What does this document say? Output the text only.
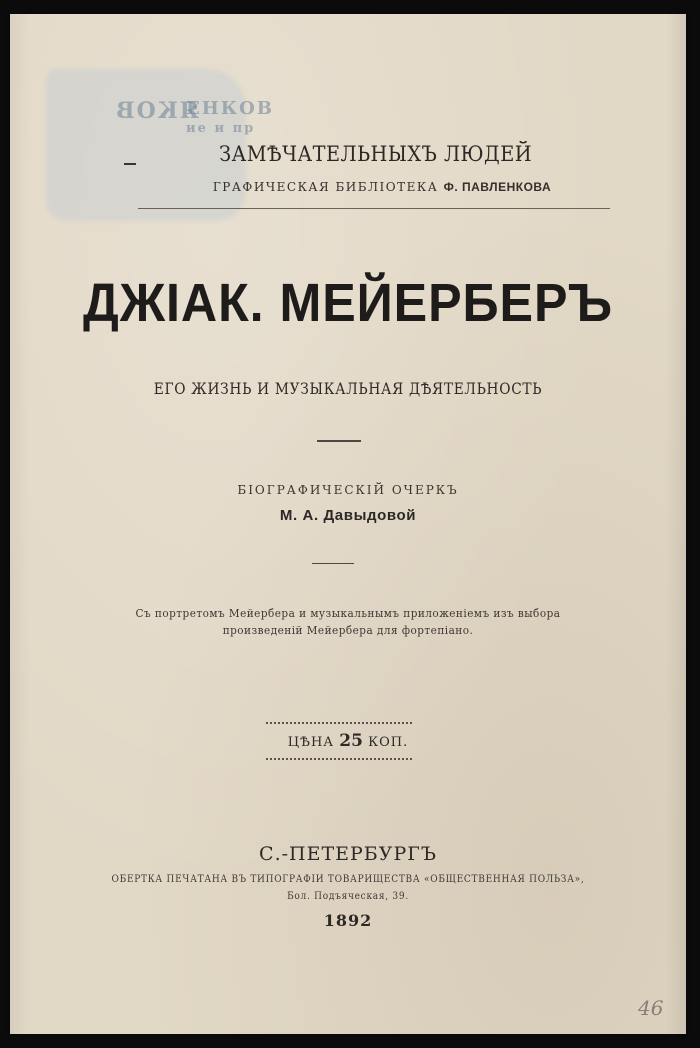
ЯКОВ
ЕНКОВ
ие и пр
ЗАМѢЧАТЕЛЬНЫХЪ ЛЮДЕЙ
ГРАФИЧЕСКАЯ БИБЛIОТЕКА Ф. ПАВЛЕНКОВА
ДЖIАК. МЕЙЕРБЕРЪ
ЕГО ЖИЗНЬ И МУЗЫКАЛЬНАЯ ДѢЯТЕЛЬНОСТЬ
БIОГРАФИЧЕСКIЙ ОЧЕРКЪ
М. А. Давыдовой
Съ портретомъ Мейербера и музыкальнымъ приложенiемъ изъ выбора
произведенiй Мейербера для фортепiано.
ЦѢНА 25 КОП.
С.-ПЕТЕРБУРГЪ
ОБЕРТКА ПЕЧАТАНА ВЪ ТИПОГРАФIИ ТОВАРИЩЕСТВА «ОБЩЕСТВЕННАЯ ПОЛЬЗА»,
Бол. Подъяческая, 39.
1892
46
